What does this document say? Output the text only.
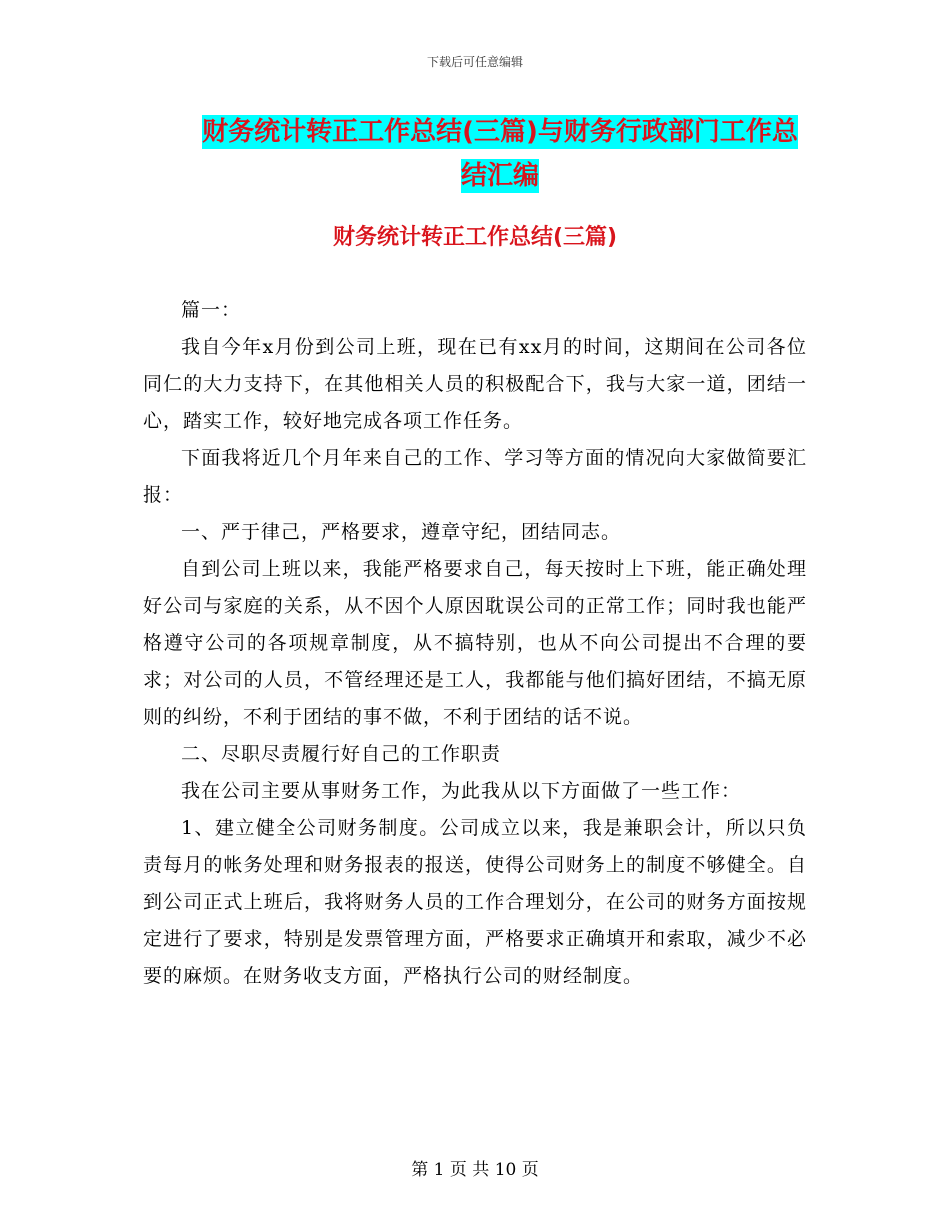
下载后可任意编辑
财务统计转正工作总结(三篇)与财务行政部门工作总
结汇编
财务统计转正工作总结(三篇)

篇一：

我自今年x月份到公司上班，现在已有xx月的时间，这期间在公司各位同仁的大力支持下，在其他相关人员的积极配合下，我与大家一道，团结一心，踏实工作，较好地完成各项工作任务。

下面我将近几个月年来自己的工作、学习等方面的情况向大家做简要汇报：

一、严于律己，严格要求，遵章守纪，团结同志。

自到公司上班以来，我能严格要求自己，每天按时上下班，能正确处理好公司与家庭的关系，从不因个人原因耽误公司的正常工作；同时我也能严格遵守公司的各项规章制度，从不搞特别，也从不向公司提出不合理的要求；对公司的人员，不管经理还是工人，我都能与他们搞好团结，不搞无原则的纠纷，不利于团结的事不做，不利于团结的话不说。

二、尽职尽责履行好自己的工作职责

我在公司主要从事财务工作，为此我从以下方面做了一些工作：

1、建立健全公司财务制度。公司成立以来，我是兼职会计，所以只负责每月的帐务处理和财务报表的报送，使得公司财务上的制度不够健全。自到公司正式上班后，我将财务人员的工作合理划分，在公司的财务方面按规定进行了要求，特别是发票管理方面，严格要求正确填开和索取，减少不必要的麻烦。在财务收支方面，严格执行公司的财经制度。

第 1 页 共 10 页
